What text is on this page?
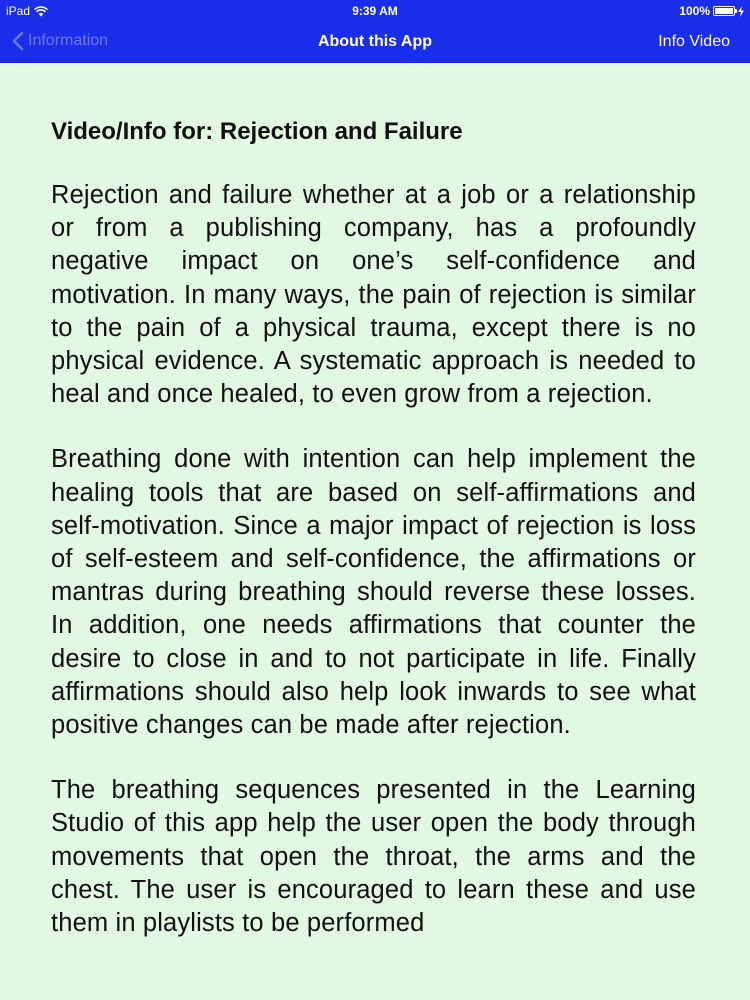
iPad	9:39 AM	100%
Information	About this App	Info Video
Video/Info for: Rejection and Failure

Rejection and failure whether at a job or a relationship or from a publishing company, has a profoundly negative impact on one’s self-confidence and motivation. In many ways, the pain of rejection is similar to the pain of a physical trauma, except there is no physical evidence. A systematic approach is needed to heal and once healed, to even grow from a rejection.

Breathing done with intention can help implement the healing tools that are based on self-affirmations and self-motivation. Since a major impact of rejection is loss of self-esteem and self-confidence, the affirmations or mantras during breathing should reverse these losses. In addition, one needs affirmations that counter the desire to close in and to not participate in life. Finally affirmations should also help look inwards to see what positive changes can be made after rejection.

The breathing sequences presented in the Learning Studio of this app help the user open the body through movements that open the throat, the arms and the chest. The user is encouraged to learn these and use them in playlists to be performed
